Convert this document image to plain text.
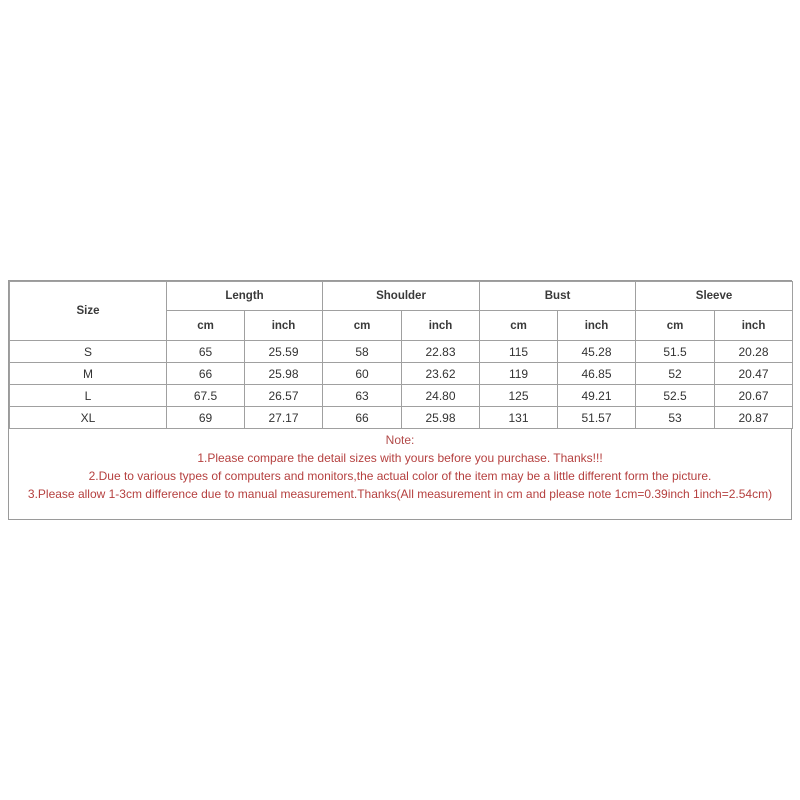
Size	Length		Shoulder		Bust		Sleeve	
	cm	inch	cm	inch	cm	inch	cm	inch
S	65	25.59	58	22.83	115	45.28	51.5	20.28
M	66	25.98	60	23.62	119	46.85	52	20.47
L	67.5	26.57	63	24.80	125	49.21	52.5	20.67
XL	69	27.17	66	25.98	131	51.57	53	20.87
Note:
1.Please compare the detail sizes with yours before you purchase. Thanks!!!
2.Due to various types of computers and monitors,the actual color of the item may be a little different form the picture.
3.Please allow 1-3cm difference due to manual measurement.Thanks(All measurement in cm and please note 1cm=0.39inch 1inch=2.54cm)
